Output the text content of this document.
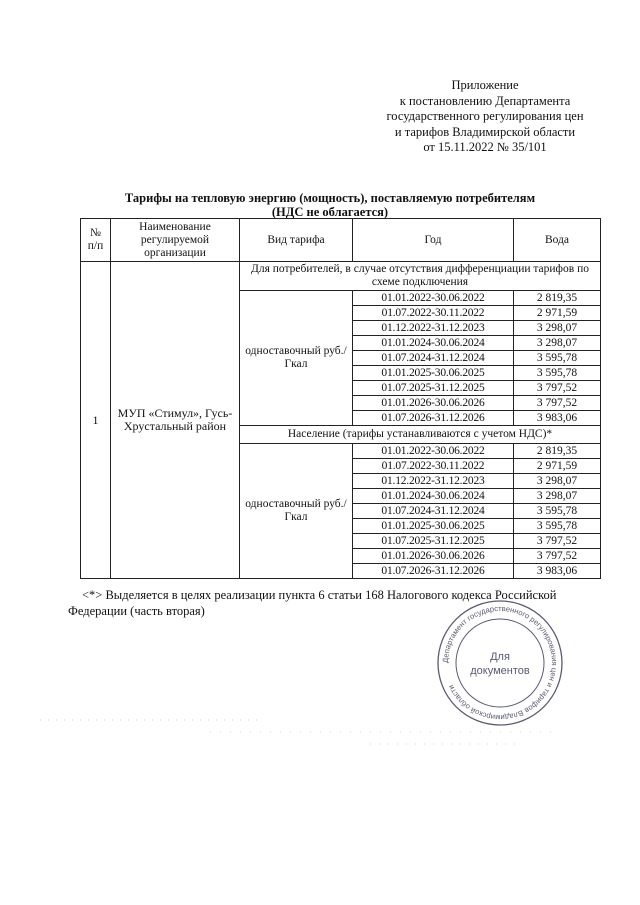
Приложение
к постановлению Департамента
государственного регулирования цен
и тарифов Владимирской области
от 15.11.2022 № 35/101
Тарифы на тепловую энергию (мощность), поставляемую потребителям
(НДС не облагается)
№ п/п	Наименование регулируемой организации	Вид тарифа	Год	Вода
1	МУП «Стимул», Гусь-Хрустальный район	Для потребителей, в случае отсутствия дифференциации тарифов по схеме подключения		
		одноставочный руб./Гкал	01.01.2022-30.06.2022	2 819,35
			01.07.2022-30.11.2022	2 971,59
			01.12.2022-31.12.2023	3 298,07
			01.01.2024-30.06.2024	3 298,07
			01.07.2024-31.12.2024	3 595,78
			01.01.2025-30.06.2025	3 595,78
			01.07.2025-31.12.2025	3 797,52
			01.01.2026-30.06.2026	3 797,52
			01.07.2026-31.12.2026	3 983,06
		Население (тарифы устанавливаются с учетом НДС)*		
		одноставочный руб./Гкал	01.01.2022-30.06.2022	2 819,35
			01.07.2022-30.11.2022	2 971,59
			01.12.2022-31.12.2023	3 298,07
			01.01.2024-30.06.2024	3 298,07
			01.07.2024-31.12.2024	3 595,78
			01.01.2025-30.06.2025	3 595,78
			01.07.2025-31.12.2025	3 797,52
			01.01.2026-30.06.2026	3 797,52
			01.07.2026-31.12.2026	3 983,06
<*> Выделяется в целях реализации пункта 6 статьи 168 Налогового кодекса Российской Федерации (часть вторая)
Департамент государственного регулирования цен и тарифов Владимирской области
Для
документов
